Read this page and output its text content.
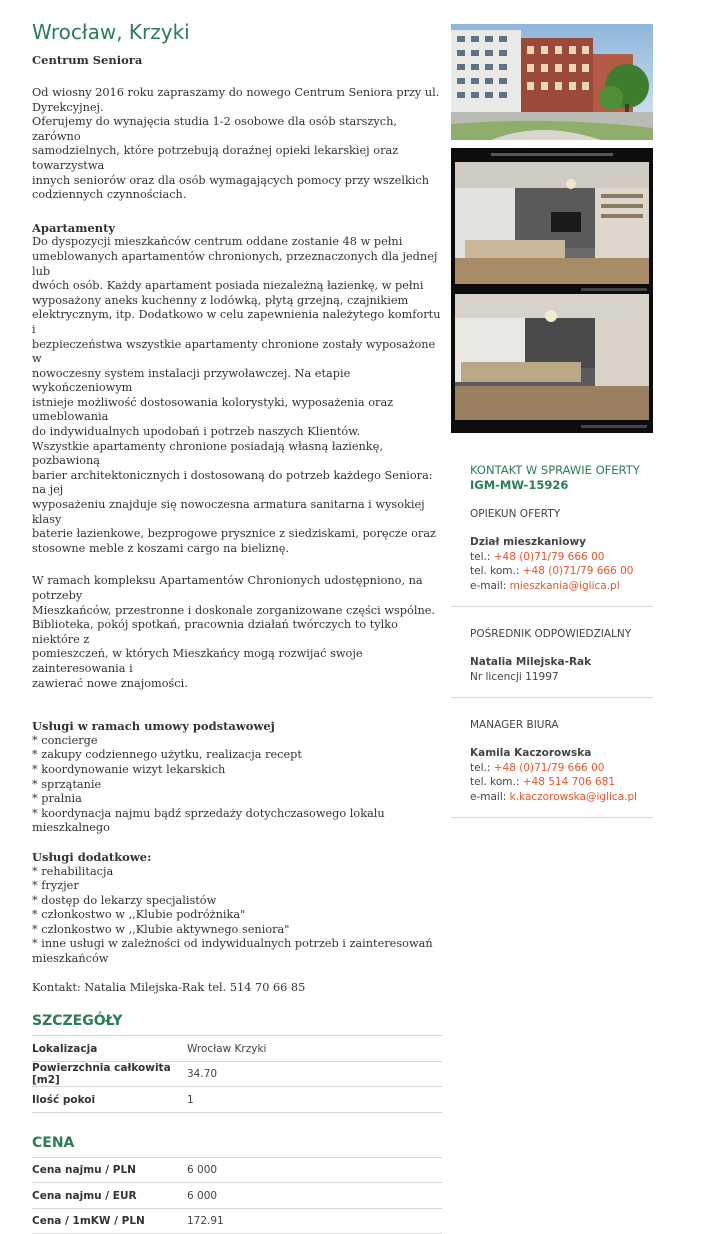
Wrocław, Krzyki
Centrum Seniora
Od wiosny 2016 roku zapraszamy do nowego Centrum Seniora przy ul.
Dyrekcyjnej.
Oferujemy do wynajęcia studia 1-2 osobowe dla osób starszych, zarówno
samodzielnych, które potrzebują doraźnej opieki lekarskiej oraz towarzystwa
innych seniorów oraz dla osób wymagających pomocy przy wszelkich
codziennych czynnościach.
Apartamenty
Do dyspozycji mieszkańców centrum oddane zostanie 48 w pełni
umeblowanych apartamentów chronionych, przeznaczonych dla jednej lub
dwóch osób. Każdy apartament posiada niezależną łazienkę, w pełni
wyposażony aneks kuchenny z lodówką, płytą grzejną, czajnikiem
elektrycznym, itp. Dodatkowo w celu zapewnienia należytego komfortu i
bezpieczeństwa wszystkie apartamenty chronione zostały wyposażone w
nowoczesny system instalacji przywoławczej. Na etapie wykończeniowym
istnieje możliwość dostosowania kolorystyki, wyposażenia oraz umeblowania
do indywidualnych upodobań i potrzeb naszych Klientów.
Wszystkie apartamenty chronione posiadają własną łazienkę, pozbawioną
barier architektonicznych i dostosowaną do potrzeb każdego Seniora: na jej
wyposażeniu znajduje się nowoczesna armatura sanitarna i wysokiej klasy
baterie łazienkowe, bezprogowe prysznice z siedziskami, poręcze oraz
stosowne meble z koszami cargo na bieliznę.
W ramach kompleksu Apartamentów Chronionych udostępniono, na potrzeby
Mieszkańców, przestronne i doskonale zorganizowane części wspólne.
Biblioteka, pokój spotkań, pracownia działań twórczych to tylko niektóre z
pomieszczeń, w których Mieszkańcy mogą rozwijać swoje zainteresowania i
zawierać nowe znajomości.
Usługi w ramach umowy podstawowej
* concierge
* zakupy codziennego użytku, realizacja recept
* koordynowanie wizyt lekarskich
* sprzątanie
* pralnia
* koordynacja najmu bądź sprzedaży dotychczasowego lokalu mieszkalnego
Usługi dodatkowe:
* rehabilitacja
* fryzjer
* dostęp do lekarzy specjalistów
* członkostwo w ,,Klubie podróżnika"
* członkostwo w ,,Klubie aktywnego seniora"
* inne usługi w zależności od indywidualnych potrzeb i zainteresowań
mieszkańców
Kontakt: Natalia Milejska-Rak tel. 514 70 66 85
SZCZEGÓŁY
Lokalizacja	Wrocław Krzyki
Powierzchnia całkowita [m2]	34.70
Ilość pokoi	1
CENA
Cena najmu / PLN	6 000
Cena najmu / EUR	6 000
Cena / 1mKW / PLN	172.91
KONTAKT W SPRAWIE OFERTY
IGM-MW-15926
OPIEKUN OFERTY
Dział mieszkaniowy
tel.: +48 (0)71/79 666 00
tel. kom.: +48 (0)71/79 666 00
e-mail: mieszkania@iglica.pl
POŚREDNIK ODPOWIEDZIALNY
Natalia Milejska-Rak
Nr licencji 11997
MANAGER BIURA
Kamila Kaczorowska
tel.: +48 (0)71/79 666 00
tel. kom.: +48 514 706 681
e-mail: k.kaczorowska@iglica.pl
